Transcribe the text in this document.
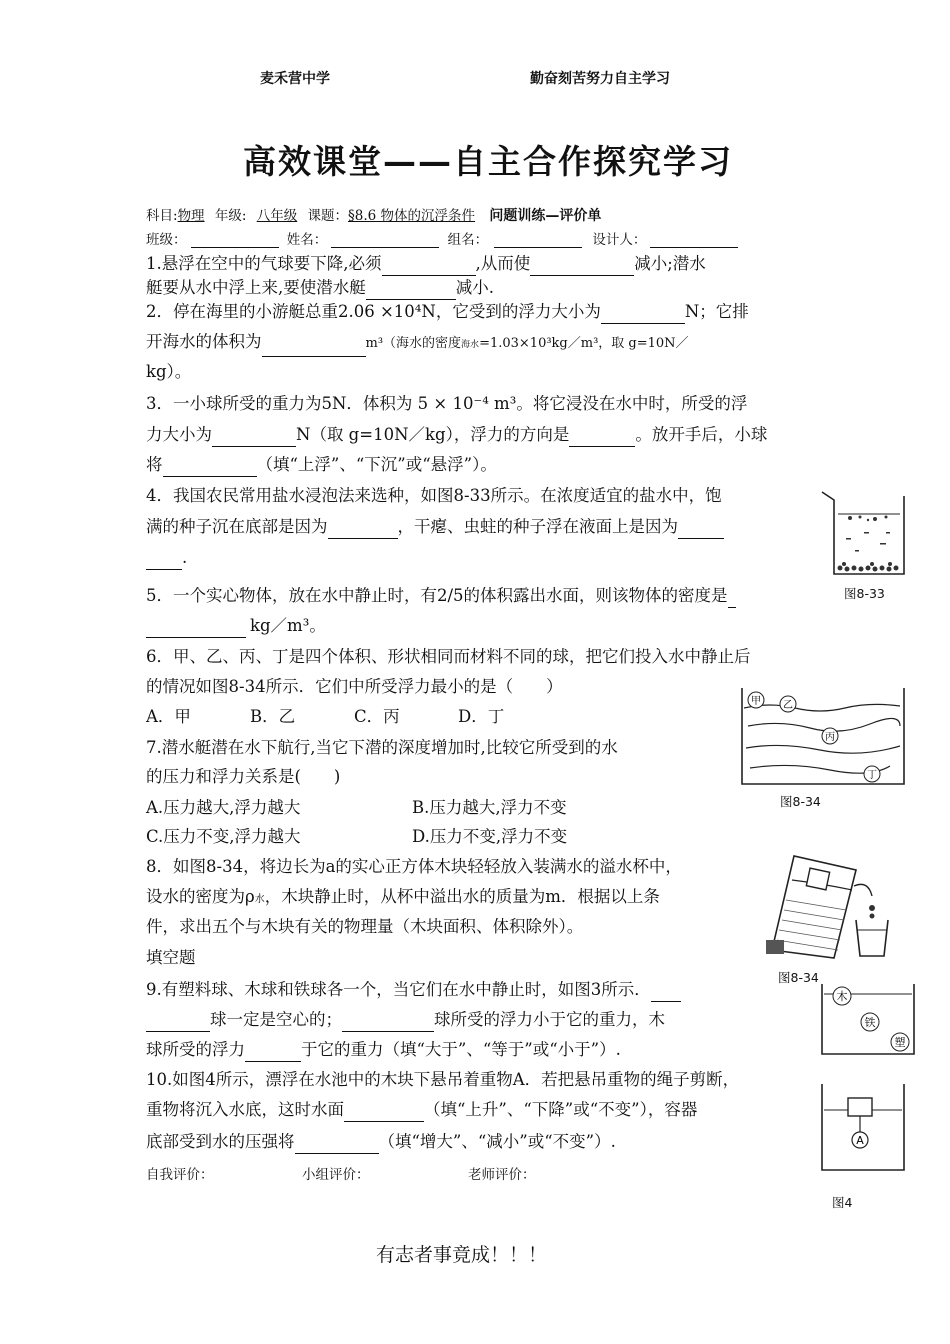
麦禾营中学	勤奋刻苦努力自主学习
高效课堂——自主合作探究学习
科目:物理 年级: 八年级 课题：§8.6 物体的沉浮条件 问题训练—评价单
班级：	姓名：	组名：	设计人：
1.悬浮在空中的气球要下降,必须	,从而使	减小;潜水
艇要从水中浮上来,要使潜水艇	减小.
2．停在海里的小游艇总重2.06 ×10⁴N，它受到的浮力大小为	N；它排
开海水的体积为	m³（海水的密度海水=1.03×10³kg／m³，取 g=10N／
kg）。
3．一小球所受的重力为5N．体积为 5 × 10⁻⁴ m³。将它浸没在水中时，所受的浮
力大小为	N（取 g=10N／kg），浮力的方向是	。放开手后，小球
将	（填“上浮”、“下沉”或“悬浮”）。
4．我国农民常用盐水浸泡法来选种，如图8-33所示。在浓度适宜的盐水中，饱
满的种子沉在底部是因为	，干瘪、虫蛀的种子浮在液面上是因为
.
5．一个实心物体，放在水中静止时，有2/5的体积露出水面，则该物体的密度是
kg／m³。
6．甲、乙、丙、丁是四个体积、形状相同而材料不同的球，把它们投入水中静止后
的情况如图8-34所示．它们中所受浮力最小的是（　　）
A．甲	B．乙	C．丙	D．丁
7.潜水艇潜在水下航行,当它下潜的深度增加时,比较它所受到的水
的压力和浮力关系是(　　)
A.压力越大,浮力越大	B.压力越大,浮力不变
C.压力不变,浮力越大	D.压力不变,浮力不变
8．如图8-34，将边长为a的实心正方体木块轻轻放入装满水的溢水杯中，
设水的密度为ρ水，木块静止时，从杯中溢出水的质量为m．根据以上条
件，求出五个与木块有关的物理量（木块面积、体积除外）。
填空题
9.有塑料球、木球和铁球各一个，当它们在水中静止时，如图3所示．
球一定是空心的；	球所受的浮力小于它的重力，木
球所受的浮力	于它的重力（填“大于”、“等于”或“小于”）.
10.如图4所示，漂浮在水池中的木块下悬吊着重物A．若把悬吊重物的绳子剪断，
重物将沉入水底，这时水面	（填“上升”、“下降”或“不变”），容器
底部受到水的压强将	（填“增大”、“减小”或“不变”）.
自我评价：	小组评价：	老师评价：
有志者事竟成！！！
图8-33
甲 乙
丙
丁
图8-34
图8-34
木
铁
塑
A
图4
